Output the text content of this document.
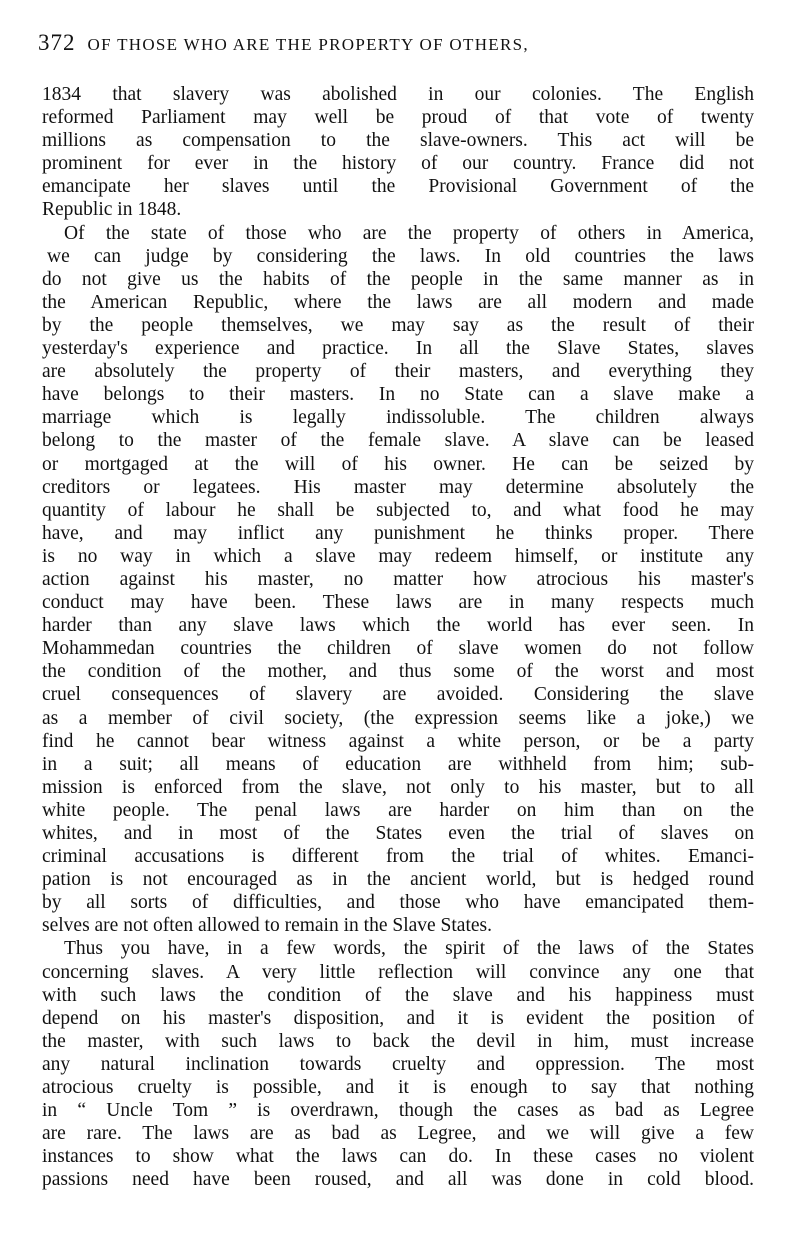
372 OF THOSE WHO ARE THE PROPERTY OF OTHERS,
1834 that slavery was abolished in our colonies. The English
reformed Parliament may well be proud of that vote of twenty
millions as compensation to the slave-owners. This act will be
prominent for ever in the history of our country. France did not
emancipate her slaves until the Provisional Government of the
Republic in 1848.
Of the state of those who are the property of others in America,
we can judge by considering the laws. In old countries the laws
do not give us the habits of the people in the same manner as in
the American Republic, where the laws are all modern and made
by the people themselves, we may say as the result of their
yesterday's experience and practice. In all the Slave States, slaves
are absolutely the property of their masters, and everything they
have belongs to their masters. In no State can a slave make a
marriage which is legally indissoluble. The children always
belong to the master of the female slave. A slave can be leased
or mortgaged at the will of his owner. He can be seized by
creditors or legatees. His master may determine absolutely the
quantity of labour he shall be subjected to, and what food he may
have, and may inflict any punishment he thinks proper. There
is no way in which a slave may redeem himself, or institute any
action against his master, no matter how atrocious his master's
conduct may have been. These laws are in many respects much
harder than any slave laws which the world has ever seen. In
Mohammedan countries the children of slave women do not follow
the condition of the mother, and thus some of the worst and most
cruel consequences of slavery are avoided. Considering the slave
as a member of civil society, (the expression seems like a joke,) we
find he cannot bear witness against a white person, or be a party
in a suit; all means of education are withheld from him; sub-
mission is enforced from the slave, not only to his master, but to all
white people. The penal laws are harder on him than on the
whites, and in most of the States even the trial of slaves on
criminal accusations is different from the trial of whites. Emanci-
pation is not encouraged as in the ancient world, but is hedged round
by all sorts of difficulties, and those who have emancipated them-
selves are not often allowed to remain in the Slave States.
Thus you have, in a few words, the spirit of the laws of the States
concerning slaves. A very little reflection will convince any one that
with such laws the condition of the slave and his happiness must
depend on his master's disposition, and it is evident the position of
the master, with such laws to back the devil in him, must increase
any natural inclination towards cruelty and oppression. The most
atrocious cruelty is possible, and it is enough to say that nothing
in “ Uncle Tom ” is overdrawn, though the cases as bad as Legree
are rare. The laws are as bad as Legree, and we will give a few
instances to show what the laws can do. In these cases no violent
passions need have been roused, and all was done in cold blood.
